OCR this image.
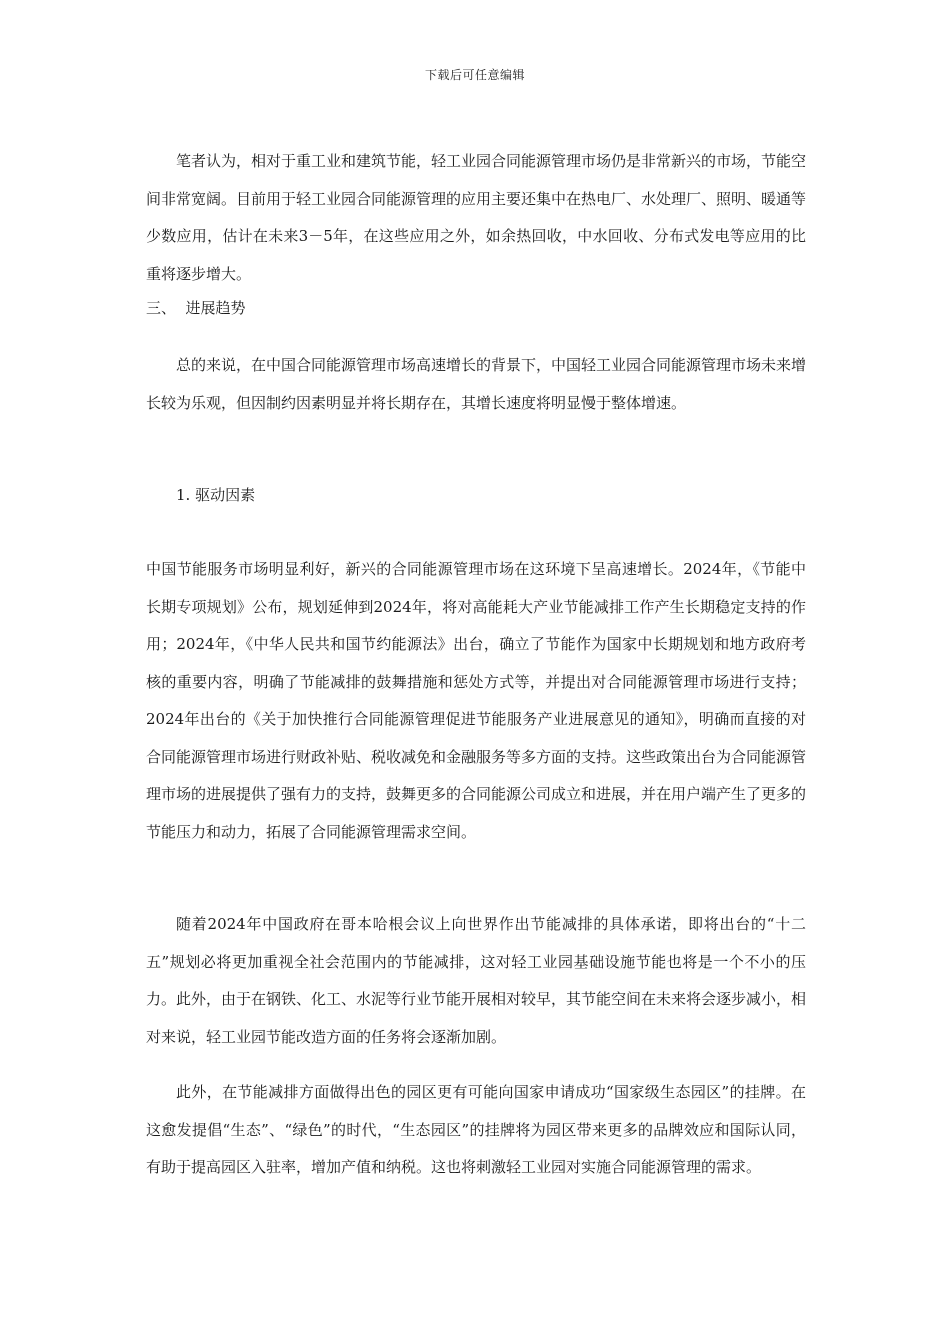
下载后可任意编辑

笔者认为，相对于重工业和建筑节能，轻工业园合同能源管理市场仍是非常新兴的市场，节能空间非常宽阔。目前用于轻工业园合同能源管理的应用主要还集中在热电厂、水处理厂、照明、暖通等少数应用，估计在未来3－5年，在这些应用之外，如余热回收，中水回收、分布式发电等应用的比重将逐步增大。

三、  进展趋势

总的来说，在中国合同能源管理市场高速增长的背景下，中国轻工业园合同能源管理市场未来增长较为乐观，但因制约因素明显并将长期存在，其增长速度将明显慢于整体增速。

1. 驱动因素

中国节能服务市场明显利好，新兴的合同能源管理市场在这环境下呈高速增长。2024年，《节能中长期专项规划》公布，规划延伸到2024年，将对高能耗大产业节能减排工作产生长期稳定支持的作用；2024年，《中华人民共和国节约能源法》出台，确立了节能作为国家中长期规划和地方政府考核的重要内容，明确了节能减排的鼓舞措施和惩处方式等，并提出对合同能源管理市场进行支持；2024年出台的《关于加快推行合同能源管理促进节能服务产业进展意见的通知》，明确而直接的对合同能源管理市场进行财政补贴、税收减免和金融服务等多方面的支持。这些政策出台为合同能源管理市场的进展提供了强有力的支持，鼓舞更多的合同能源公司成立和进展，并在用户端产生了更多的节能压力和动力，拓展了合同能源管理需求空间。

随着2024年中国政府在哥本哈根会议上向世界作出节能减排的具体承诺，即将出台的“十二五”规划必将更加重视全社会范围内的节能减排，这对轻工业园基础设施节能也将是一个不小的压力。此外，由于在钢铁、化工、水泥等行业节能开展相对较早，其节能空间在未来将会逐步减小，相对来说，轻工业园节能改造方面的任务将会逐渐加剧。

此外，在节能减排方面做得出色的园区更有可能向国家申请成功“国家级生态园区”的挂牌。在这愈发提倡“生态”、“绿色”的时代，“生态园区”的挂牌将为园区带来更多的品牌效应和国际认同，有助于提高园区入驻率，增加产值和纳税。这也将刺激轻工业园对实施合同能源管理的需求。
